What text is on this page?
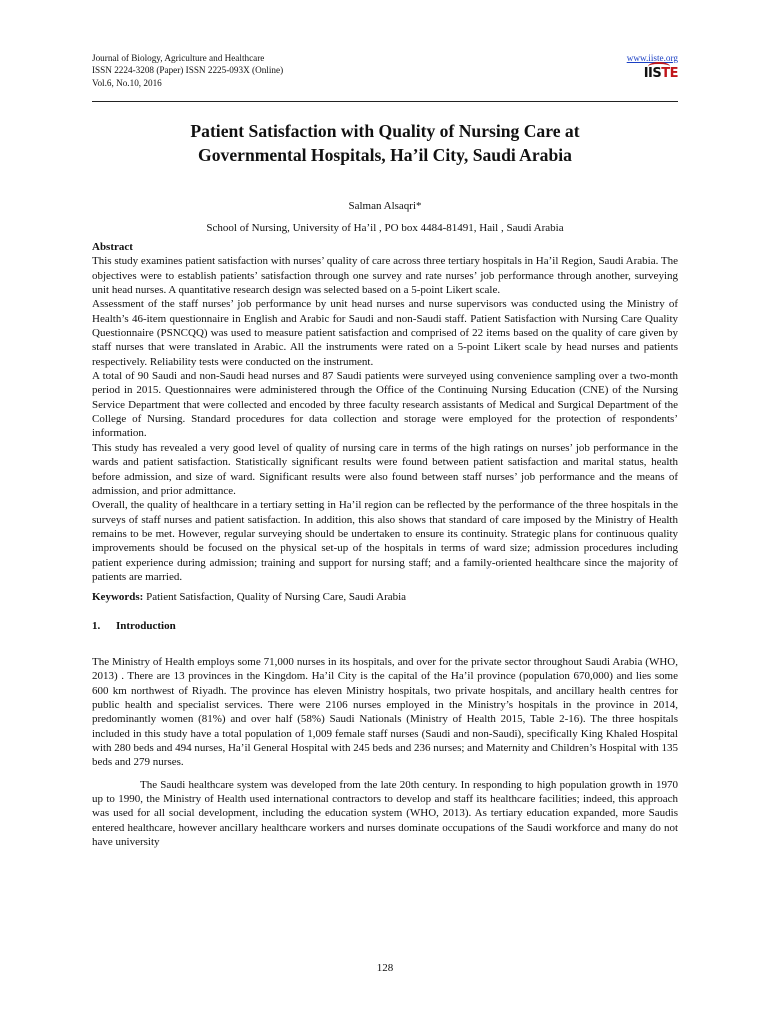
Journal of Biology, Agriculture and Healthcare
ISSN 2224-3208 (Paper) ISSN 2225-093X (Online)
Vol.6, No.10, 2016
www.iiste.org
IISTE
Patient Satisfaction with Quality of Nursing Care at
Governmental Hospitals, Ha’il City, Saudi Arabia
Salman Alsaqri*
School of Nursing, University of Ha’il , PO box 4484-81491, Hail , Saudi Arabia

Abstract

This study examines patient satisfaction with nurses’ quality of care across three tertiary hospitals in Ha’il Region, Saudi Arabia. The objectives were to establish patients’ satisfaction through one survey and rate nurses’ job performance through another, surveying unit head nurses. A quantitative research design was selected based on a 5-point Likert scale.

Assessment of the staff nurses’ job performance by unit head nurses and nurse supervisors was conducted using the Ministry of Health’s 46-item questionnaire in English and Arabic for Saudi and non-Saudi staff. Patient Satisfaction with Nursing Care Quality Questionnaire (PSNCQQ) was used to measure patient satisfaction and comprised of 22 items based on the quality of care given by staff nurses that were translated in Arabic. All the instruments were rated on a 5-point Likert scale by head nurses and patients respectively. Reliability tests were conducted on the instrument.

A total of 90 Saudi and non-Saudi head nurses and 87 Saudi patients were surveyed using convenience sampling over a two-month period in 2015. Questionnaires were administered through the Office of the Continuing Nursing Education (CNE) of the Nursing Service Department that were collected and encoded by three faculty research assistants of Medical and Surgical Department of the College of Nursing. Standard procedures for data collection and storage were employed for the protection of respondents’ information.

This study has revealed a very good level of quality of nursing care in terms of the high ratings on nurses’ job performance in the wards and patient satisfaction. Statistically significant results were found between patient satisfaction and marital status, health before admission, and size of ward. Significant results were also found between staff nurses’ job performance and the means of admission, and prior admittance.

Overall, the quality of healthcare in a tertiary setting in Ha’il region can be reflected by the performance of the three hospitals in the surveys of staff nurses and patient satisfaction. In addition, this also shows that standard of care imposed by the Ministry of Health remains to be met. However, regular surveying should be undertaken to ensure its continuity. Strategic plans for continuous quality improvements should be focused on the physical set-up of the hospitals in terms of ward size; admission procedures including patient experience during admission; training and support for nursing staff; and a family-oriented healthcare since the majority of patients are married.

Keywords: Patient Satisfaction, Quality of Nursing Care, Saudi Arabia

1. Introduction

The Ministry of Health employs some 71,000 nurses in its hospitals, and over for the private sector throughout Saudi Arabia (WHO, 2013) . There are 13 provinces in the Kingdom. Ha’il City is the capital of the Ha’il province (population 670,000) and lies some 600 km northwest of Riyadh. The province has eleven Ministry hospitals, two private hospitals, and ancillary health centres for public health and specialist services. There were 2106 nurses employed in the Ministry’s hospitals in the province in 2014, predominantly women (81%) and over half (58%) Saudi Nationals (Ministry of Health 2015, Table 2-16). The three hospitals included in this study have a total population of 1,009 female staff nurses (Saudi and non-Saudi), specifically King Khaled Hospital with 280 beds and 494 nurses, Ha’il General Hospital with 245 beds and 236 nurses; and Maternity and Children’s Hospital with 135 beds and 279 nurses.

The Saudi healthcare system was developed from the late 20th century. In responding to high population growth in 1970 up to 1990, the Ministry of Health used international contractors to develop and staff its healthcare facilities; indeed, this approach was used for all social development, including the education system (WHO, 2013). As tertiary education expanded, more Saudis entered healthcare, however ancillary healthcare workers and nurses dominate occupations of the Saudi workforce and many do not have university

128
